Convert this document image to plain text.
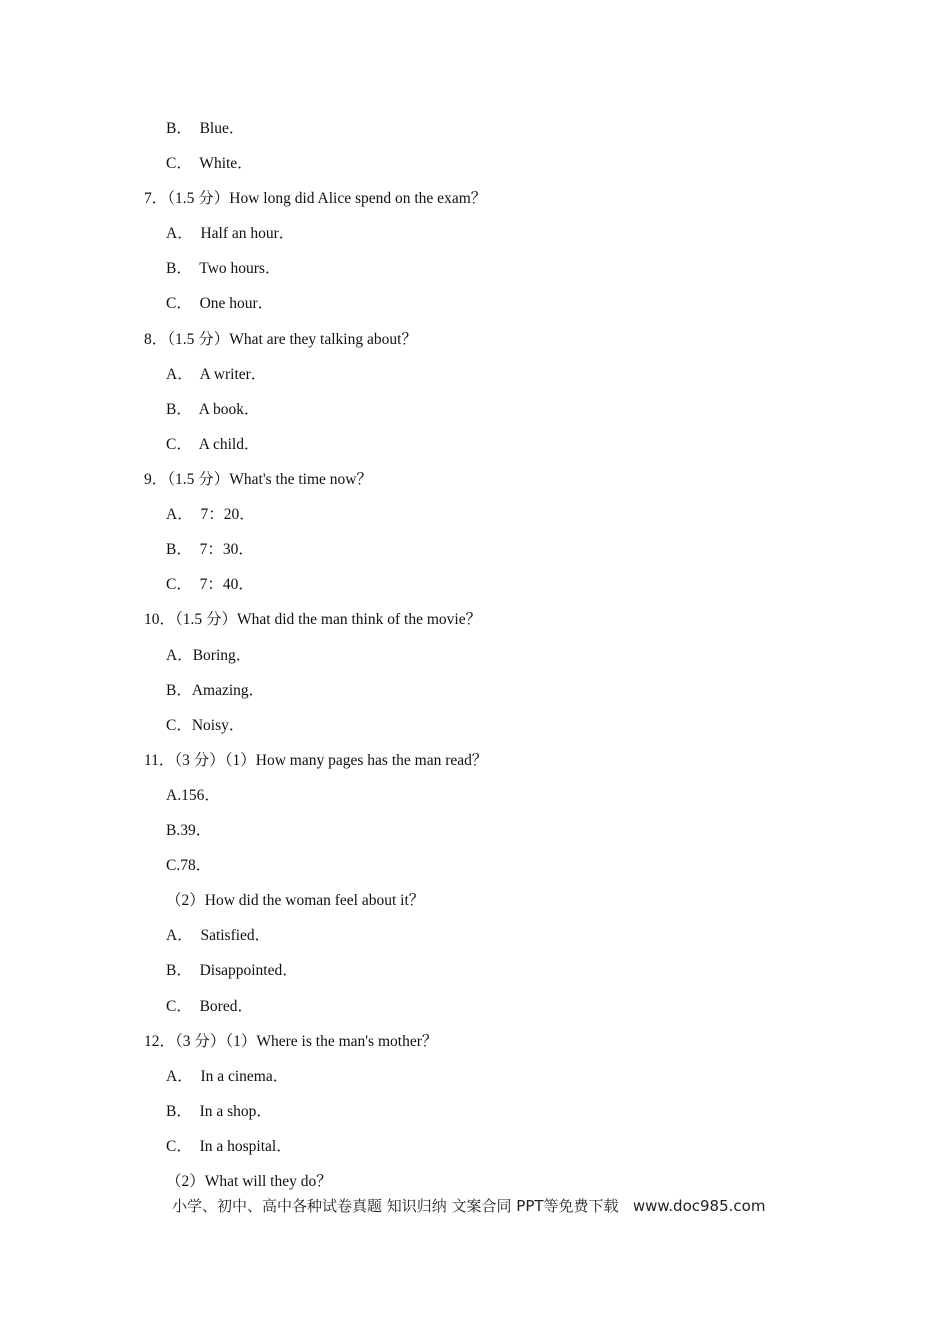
B．  Blue．
C．  White．
7．（1.5 分）How long did Alice spend on the exam？
A．  Half an hour．
B．  Two hours．
C．  One hour．
8．（1.5 分）What are they talking about？
A．  A writer．
B．  A book．
C．  A child．
9．（1.5 分）What's the time now？
A．  7：20．
B．  7：30．
C．  7：40．
10．（1.5 分）What did the man think of the movie？
A．Boring．
B．Amazing．
C．Noisy．
11．（3 分）（1）How many pages has the man read？
A.156．
B.39．
C.78．
（2）How did the woman feel about it？
A．  Satisfied．
B．  Disappointed．
C．  Bored．
12．（3 分）（1）Where is the man's mother？
A．  In a cinema．
B．  In a shop．
C．  In a hospital．
（2）What will they do？
小学、初中、高中各种试卷真题 知识归纳 文案合同 PPT等免费下载   www.doc985.com
